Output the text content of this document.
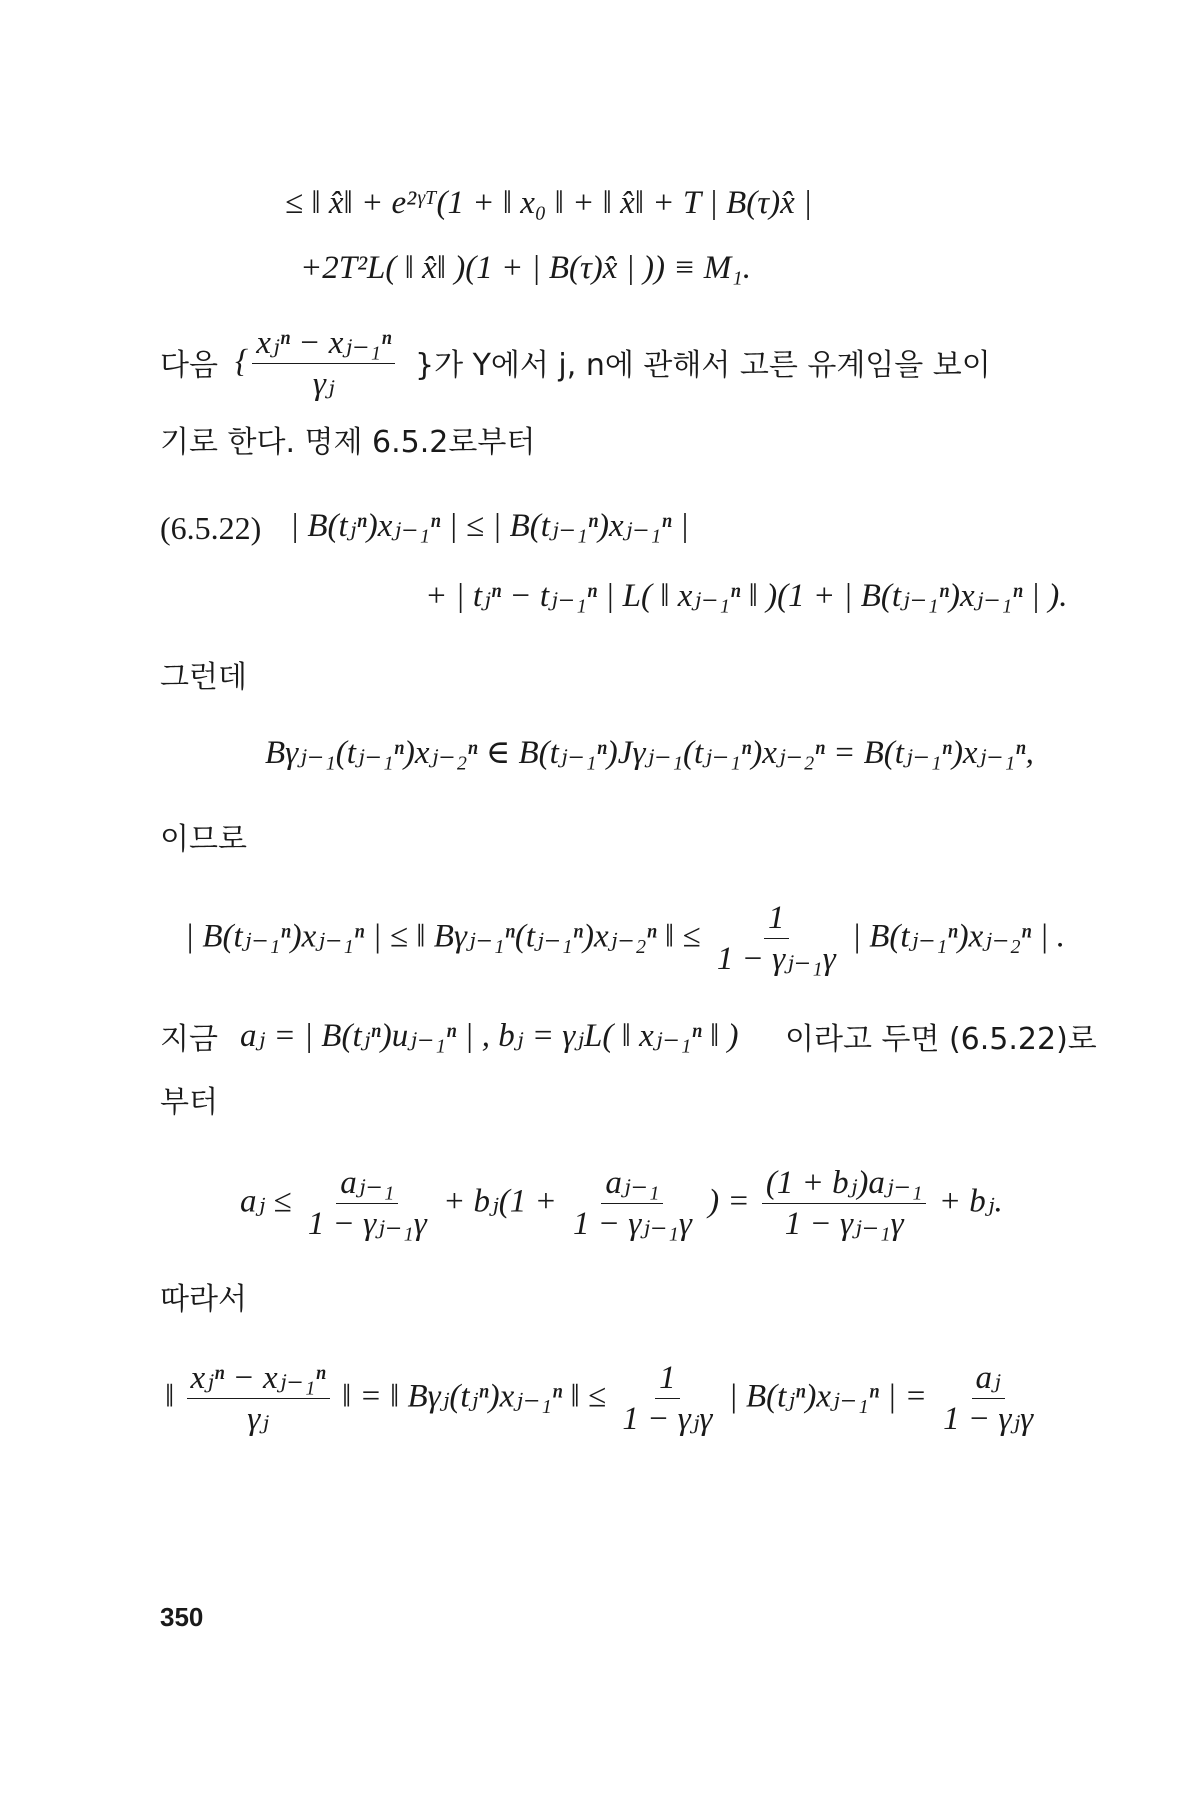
≤ ‖ x̂‖ + e²ᵞᵀ(1 + ‖ x₀ ‖ + ‖ x̂‖ + T | B(τ)x̂ |
+2T²L( ‖ x̂‖ )(1 + | B(τ)x̂ | )) ≡ M₁.
다음 { $\frac{\text{xⱼⁿ − xⱼ₋₁ⁿ}}{\text{γⱼ}}$ }가 Y에서 j, n에 관해서 고른 유계임을 보이
기로 한다. 명제 6.5.2로부터
(6.5.22) | B(tⱼⁿ)xⱼ₋₁ⁿ | ≤ | B(tⱼ₋₁ⁿ)xⱼ₋₁ⁿ |
+ | tⱼⁿ − tⱼ₋₁ⁿ | L( ‖ xⱼ₋₁ⁿ ‖ )(1 + | B(tⱼ₋₁ⁿ)xⱼ₋₁ⁿ | ).
그런데
Bγⱼ₋₁(tⱼ₋₁ⁿ)xⱼ₋₂ⁿ ∈ B(tⱼ₋₁ⁿ)Jγⱼ₋₁(tⱼ₋₁ⁿ)xⱼ₋₂ⁿ = B(tⱼ₋₁ⁿ)xⱼ₋₁ⁿ,
이므로
| B(tⱼ₋₁ⁿ)xⱼ₋₁ⁿ | ≤ ‖ Bγⱼ₋₁ⁿ(tⱼ₋₁ⁿ)xⱼ₋₂ⁿ ‖ ≤ $\frac{1}{\text{1 − γⱼ₋₁γ}}$ | B(tⱼ₋₁ⁿ)xⱼ₋₂ⁿ | .
지금 aⱼ = | B(tⱼⁿ)uⱼ₋₁ⁿ | , bⱼ = γⱼL( ‖ xⱼ₋₁ⁿ ‖ ) 이라고 두면 (6.5.22)로
부터
aⱼ ≤ $\frac{\text{aⱼ₋₁}}{\text{1 − γⱼ₋₁γ}}$ + bⱼ(1 + $\frac{\text{aⱼ₋₁}}{\text{1 − γⱼ₋₁γ}}$ ) = $\frac{\text{(1 + bⱼ)aⱼ₋₁}}{\text{1 − γⱼ₋₁γ}}$ + bⱼ.
따라서
‖ $\frac{\text{xⱼⁿ − xⱼ₋₁ⁿ}}{\text{γⱼ}}$ ‖ = ‖ Bγⱼ(tⱼⁿ)xⱼ₋₁ⁿ ‖ ≤ $\frac{1}{\text{1 − γⱼγ}}$ | B(tⱼⁿ)xⱼ₋₁ⁿ | = $\frac{\text{aⱼ}}{\text{1 − γⱼγ}}$
350
